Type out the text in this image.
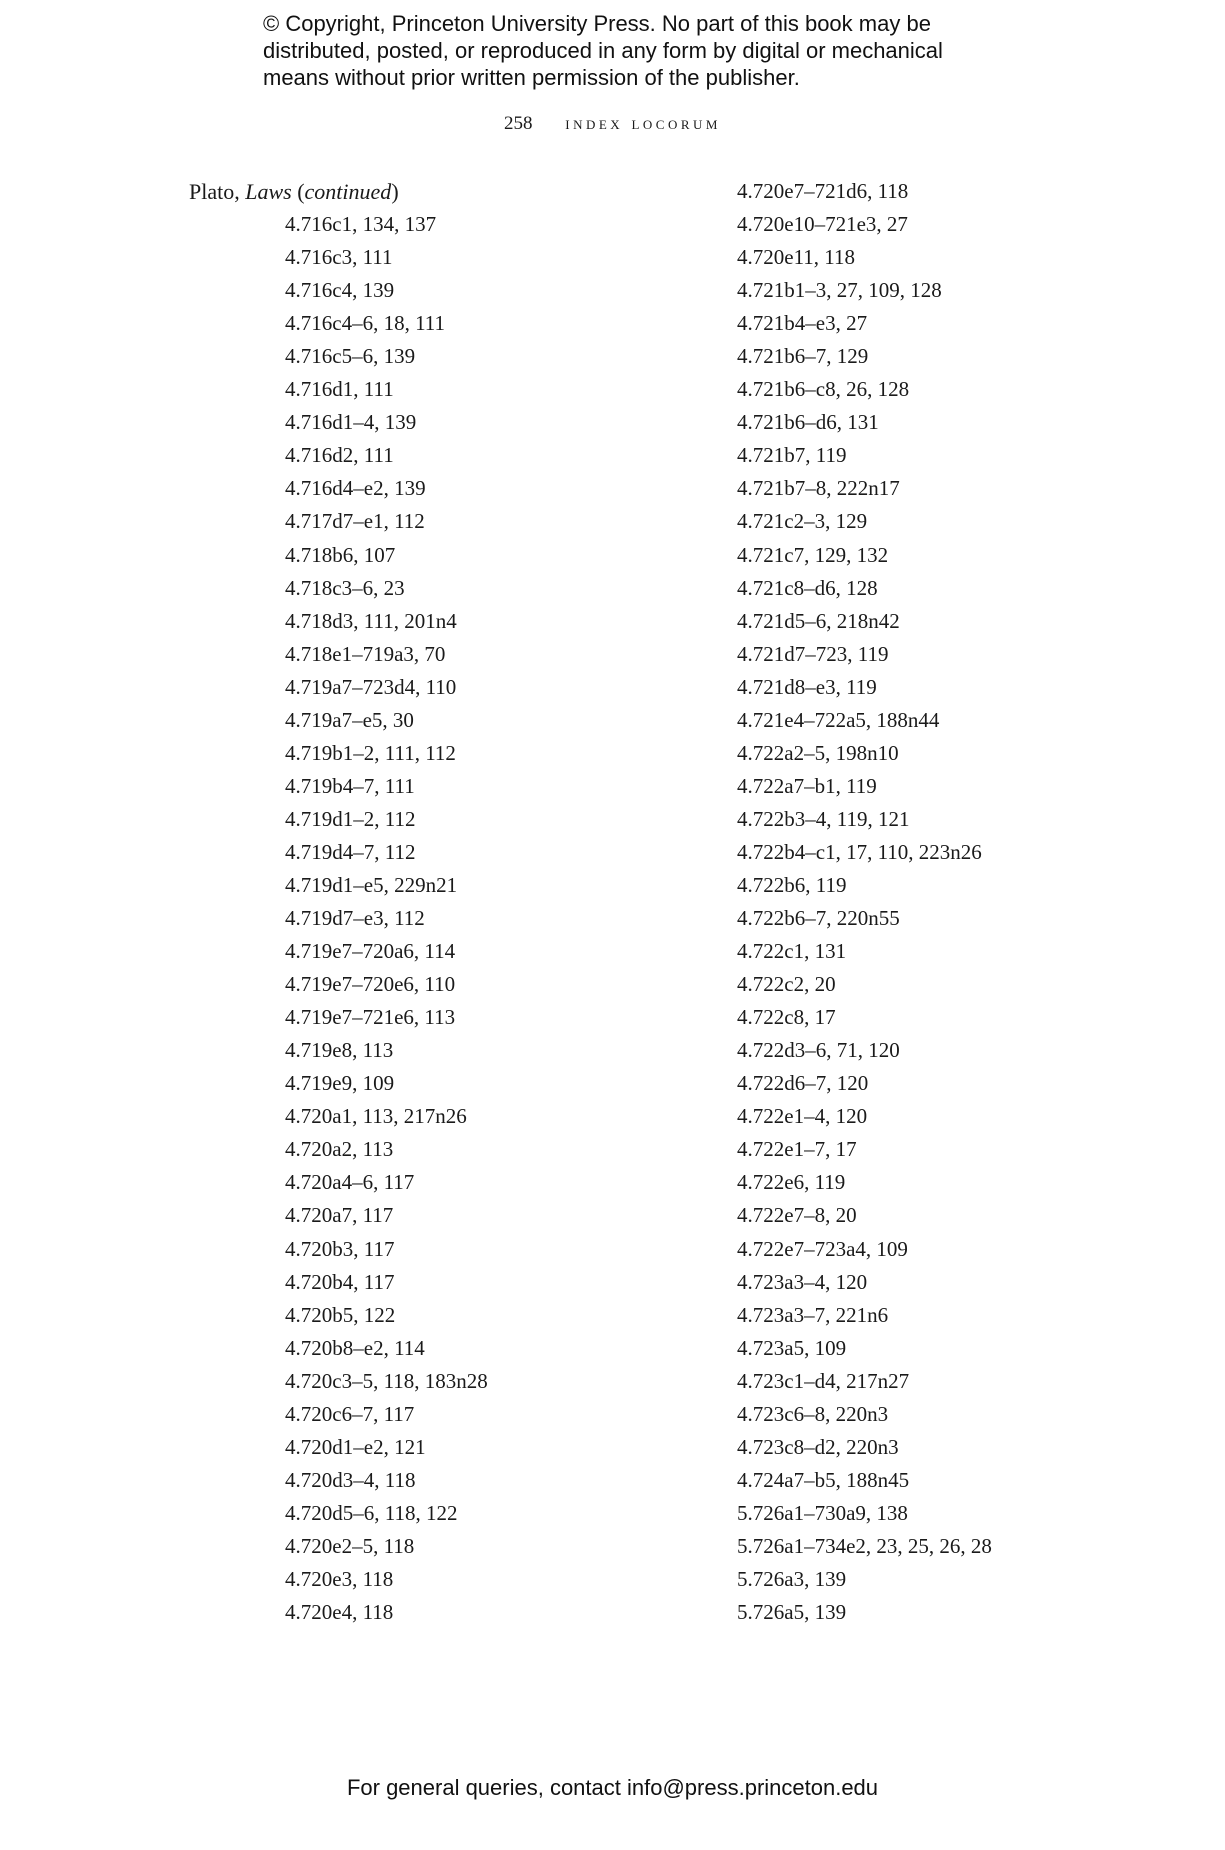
© Copyright, Princeton University Press. No part of this book may be
distributed, posted, or reproduced in any form by digital or mechanical
means without prior written permission of the publisher.
258 index locorum
Plato, Laws (continued)
4.716c1, 134, 137
4.716c3, 111
4.716c4, 139
4.716c4–6, 18, 111
4.716c5–6, 139
4.716d1, 111
4.716d1–4, 139
4.716d2, 111
4.716d4–e2, 139
4.717d7–e1, 112
4.718b6, 107
4.718c3–6, 23
4.718d3, 111, 201n4
4.718e1–719a3, 70
4.719a7–723d4, 110
4.719a7–e5, 30
4.719b1–2, 111, 112
4.719b4–7, 111
4.719d1–2, 112
4.719d4–7, 112
4.719d1–e5, 229n21
4.719d7–e3, 112
4.719e7–720a6, 114
4.719e7–720e6, 110
4.719e7–721e6, 113
4.719e8, 113
4.719e9, 109
4.720a1, 113, 217n26
4.720a2, 113
4.720a4–6, 117
4.720a7, 117
4.720b3, 117
4.720b4, 117
4.720b5, 122
4.720b8–e2, 114
4.720c3–5, 118, 183n28
4.720c6–7, 117
4.720d1–e2, 121
4.720d3–4, 118
4.720d5–6, 118, 122
4.720e2–5, 118
4.720e3, 118
4.720e4, 118
4.720e7–721d6, 118
4.720e10–721e3, 27
4.720e11, 118
4.721b1–3, 27, 109, 128
4.721b4–e3, 27
4.721b6–7, 129
4.721b6–c8, 26, 128
4.721b6–d6, 131
4.721b7, 119
4.721b7–8, 222n17
4.721c2–3, 129
4.721c7, 129, 132
4.721c8–d6, 128
4.721d5–6, 218n42
4.721d7–723, 119
4.721d8–e3, 119
4.721e4–722a5, 188n44
4.722a2–5, 198n10
4.722a7–b1, 119
4.722b3–4, 119, 121
4.722b4–c1, 17, 110, 223n26
4.722b6, 119
4.722b6–7, 220n55
4.722c1, 131
4.722c2, 20
4.722c8, 17
4.722d3–6, 71, 120
4.722d6–7, 120
4.722e1–4, 120
4.722e1–7, 17
4.722e6, 119
4.722e7–8, 20
4.722e7–723a4, 109
4.723a3–4, 120
4.723a3–7, 221n6
4.723a5, 109
4.723c1–d4, 217n27
4.723c6–8, 220n3
4.723c8–d2, 220n3
4.724a7–b5, 188n45
5.726a1–730a9, 138
5.726a1–734e2, 23, 25, 26, 28
5.726a3, 139
5.726a5, 139
For general queries, contact info@press.princeton.edu
